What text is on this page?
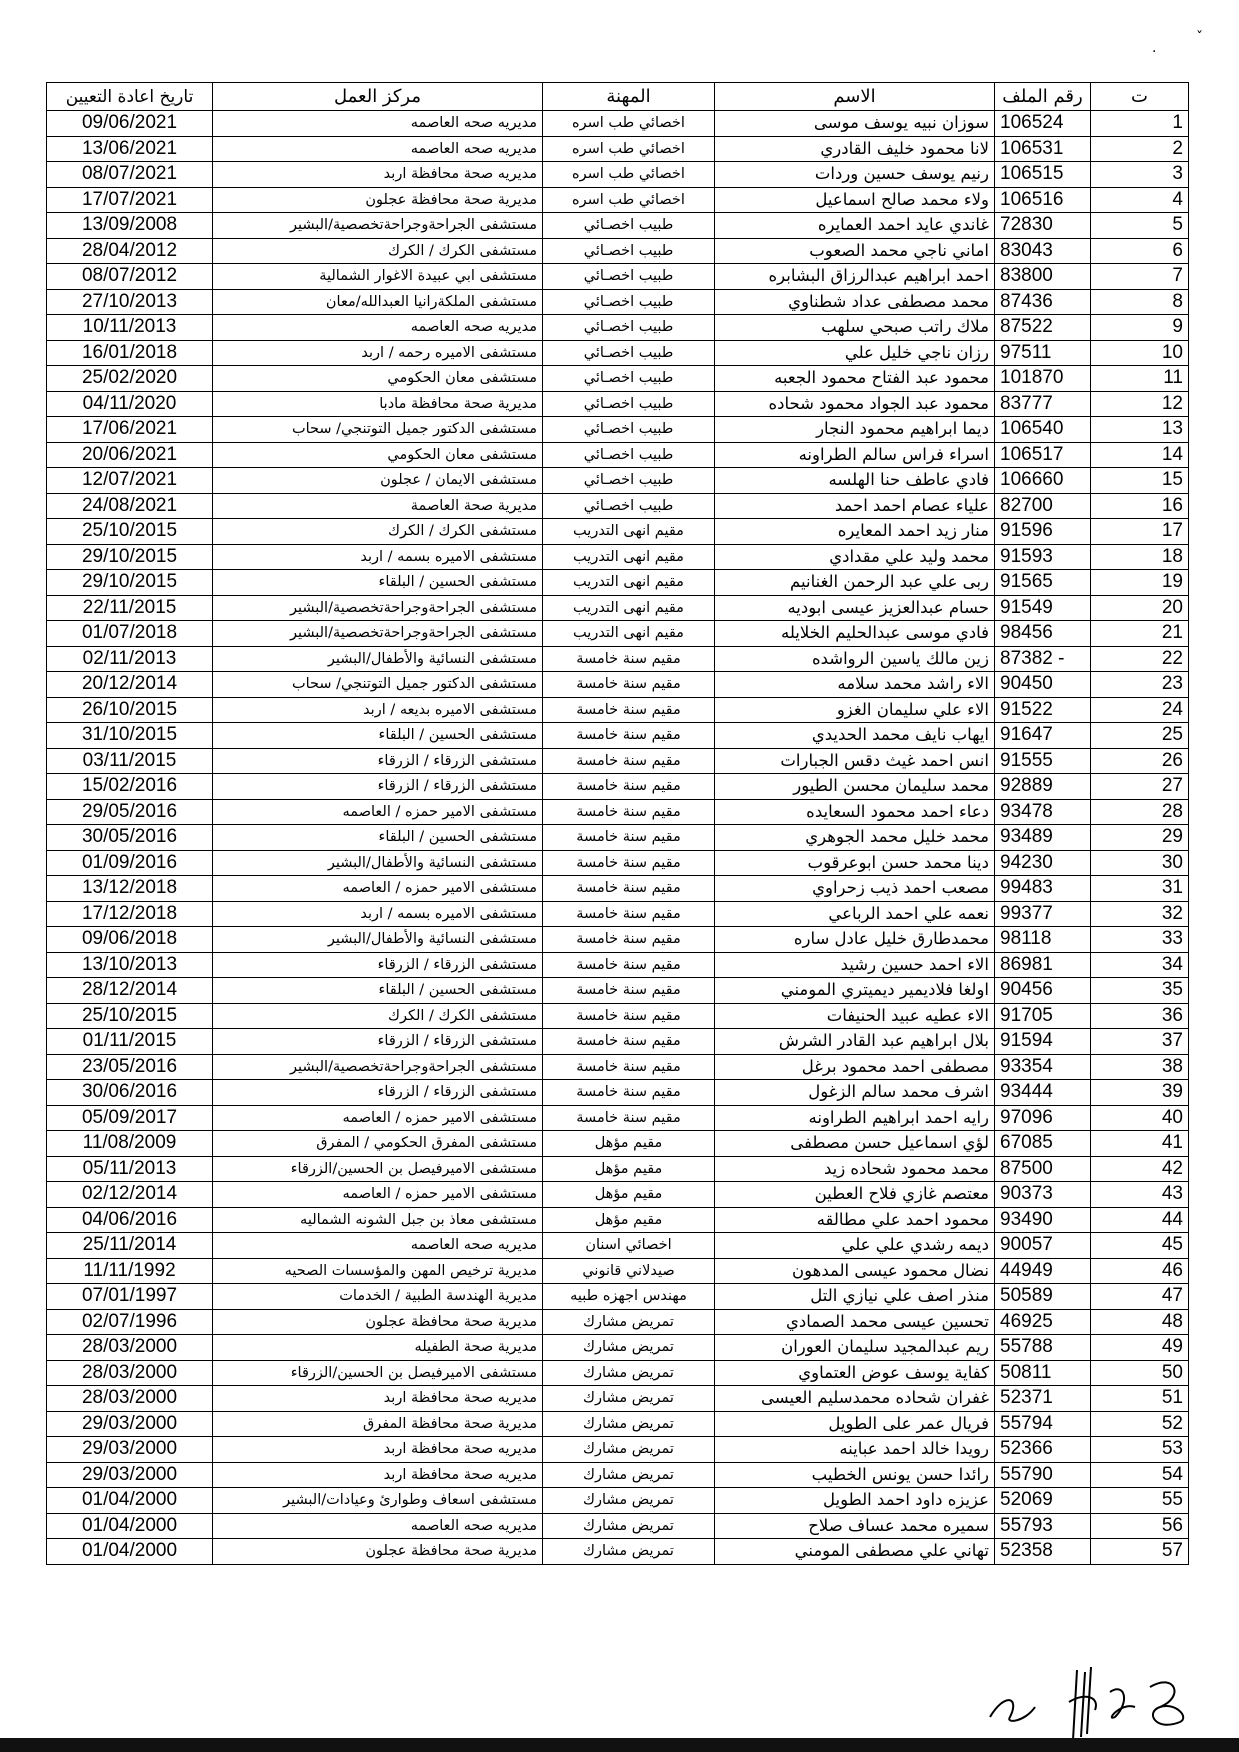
.
ˇ
تاريخ اعادة التعيين	مركز العمل	المهنة	الاسم	رقم الملف	ت
09/06/2021	مديريه صحه العاصمه	اخصائي طب اسره	سوزان نبيه يوسف موسى	106524	1
13/06/2021	مديريه صحه العاصمه	اخصائي طب اسره	لانا محمود خليف القادري	106531	2
08/07/2021	مديريه صحة محافظة اربد	اخصائي طب اسره	رنيم يوسف حسين وردات	106515	3
17/07/2021	مديرية صحة محافظة عجلون	اخصائي طب اسره	ولاء محمد صالح اسماعيل	106516	4
13/09/2008	مستشفى الجراحةوجراحةتخصصية/البشير	طبيب اخصـائي	غاندي عايد احمد العمايره	72830	5
28/04/2012	مستشفى الكرك / الكرك	طبيب اخصـائي	اماني ناجي محمد الصعوب	83043	6
08/07/2012	مستشفى ابي عبيدة الاغوار الشمالية	طبيب اخصـائي	احمد ابراهيم عبدالرزاق البشابره	83800	7
27/10/2013	مستشفى الملكةرانيا العبدالله/معان	طبيب اخصـائي	محمد مصطفى عداد شطناوي	87436	8
10/11/2013	مديريه صحه العاصمه	طبيب اخصـائي	ملاك راتب صبحي سلهب	87522	9
16/01/2018	مستشفى الاميره رحمه / اربد	طبيب اخصـائي	رزان ناجي خليل علي	97511	10
25/02/2020	مستشفى معان الحكومي	طبيب اخصـائي	محمود عبد الفتاح محمود الجعبه	101870	11
04/11/2020	مديرية صحة محافظة مادبا	طبيب اخصـائي	محمود عبد الجواد محمود شحاده	83777	12
17/06/2021	مستشفى الدكتور جميل التوتنجي/ سحاب	طبيب اخصـائي	ديما ابراهيم محمود النجار	106540	13
20/06/2021	مستشفى معان الحكومي	طبيب اخصـائي	اسراء فراس سالم الطراونه	106517	14
12/07/2021	مستشفى الايمان / عجلون	طبيب اخصـائي	فادي عاطف حنا الهلسه	106660	15
24/08/2021	مديرية صحة العاصمة	طبيب اخصـائي	علياء عصام احمد احمد	82700	16
25/10/2015	مستشفى الكرك / الكرك	مقيم انهى التدريب	منار زيد احمد المعايره	91596	17
29/10/2015	مستشفى الاميره بسمه / اربد	مقيم انهى التدريب	محمد وليد علي مقدادي	91593	18
29/10/2015	مستشفى الحسين / البلقاء	مقيم انهى التدريب	ربى علي عبد الرحمن الغنانيم	91565	19
22/11/2015	مستشفى الجراحةوجراحةتخصصية/البشير	مقيم انهى التدريب	حسام عبدالعزيز عيسى ابوديه	91549	20
01/07/2018	مستشفى الجراحةوجراحةتخصصية/البشير	مقيم انهى التدريب	فادي موسى عبدالحليم الخلايله	98456	21
02/11/2013	مستشفى النسائية والأطفال/البشير	مقيم سنة خامسة	زين مالك ياسين الرواشده	87382 -	22
20/12/2014	مستشفى الدكتور جميل التوتنجي/ سحاب	مقيم سنة خامسة	الاء راشد محمد سلامه	90450	23
26/10/2015	مستشفى الاميره بديعه / اربد	مقيم سنة خامسة	الاء علي سليمان الغزو	91522	24
31/10/2015	مستشفى الحسين / البلقاء	مقيم سنة خامسة	ايهاب نايف محمد الحديدي	91647	25
03/11/2015	مستشفى الزرقاء / الزرقاء	مقيم سنة خامسة	انس احمد غيث دقس الجبارات	91555	26
15/02/2016	مستشفى الزرقاء / الزرقاء	مقيم سنة خامسة	محمد سليمان محسن الطيور	92889	27
29/05/2016	مستشفى الامير حمزه / العاصمه	مقيم سنة خامسة	دعاء احمد محمود السعايده	93478	28
30/05/2016	مستشفى الحسين / البلقاء	مقيم سنة خامسة	محمد خليل محمد الجوهري	93489	29
01/09/2016	مستشفى النسائية والأطفال/البشير	مقيم سنة خامسة	دينا محمد حسن ابوعرقوب	94230	30
13/12/2018	مستشفى الامير حمزه / العاصمه	مقيم سنة خامسة	مصعب احمد ذيب زحراوي	99483	31
17/12/2018	مستشفى الاميره بسمه / اربد	مقيم سنة خامسة	نعمه علي احمد الرباعي	99377	32
09/06/2018	مستشفى النسائية والأطفال/البشير	مقيم سنة خامسة	محمدطارق خليل عادل ساره	98118	33
13/10/2013	مستشفى الزرقاء / الزرقاء	مقيم سنة خامسة	الاء احمد حسين رشيد	86981	34
28/12/2014	مستشفى الحسين / البلقاء	مقيم سنة خامسة	اولغا فلاديمير ديميتري المومني	90456	35
25/10/2015	مستشفى الكرك / الكرك	مقيم سنة خامسة	الاء عطيه عبيد الحنيفات	91705	36
01/11/2015	مستشفى الزرقاء / الزرقاء	مقيم سنة خامسة	بلال ابراهيم عبد القادر الشرش	91594	37
23/05/2016	مستشفى الجراحةوجراحةتخصصية/البشير	مقيم سنة خامسة	مصطفى احمد محمود برغل	93354	38
30/06/2016	مستشفى الزرقاء / الزرقاء	مقيم سنة خامسة	اشرف محمد سالم الزغول	93444	39
05/09/2017	مستشفى الامير حمزه / العاصمه	مقيم سنة خامسة	رايه احمد ابراهيم الطراونه	97096	40
11/08/2009	مستشفى المفرق الحكومي / المفرق	مقيم مؤهل	لؤي اسماعيل حسن مصطفى	67085	41
05/11/2013	مستشفى الاميرفيصل بن الحسين/الزرقاء	مقيم مؤهل	محمد محمود شحاده زيد	87500	42
02/12/2014	مستشفى الامير حمزه / العاصمه	مقيم مؤهل	معتصم غازي فلاح العطين	90373	43
04/06/2016	مستشفى معاذ بن جبل الشونه الشماليه	مقيم مؤهل	محمود احمد علي مطالقه	93490	44
25/11/2014	مديريه صحه العاصمه	اخصائي اسنان	ديمه رشدي علي علي	90057	45
11/11/1992	مديرية ترخيص المهن والمؤسسات الصحيه	صيدلاني قانوني	نضال محمود عيسى المدهون	44949	46
07/01/1997	مديرية الهندسة الطبية / الخدمات	مهندس اجهزه طبيه	منذر اصف علي نيازي التل	50589	47
02/07/1996	مديرية صحة محافظة عجلون	تمريض مشارك	تحسين عيسى محمد الصمادي	46925	48
28/03/2000	مديرية صحة الطفيله	تمريض مشارك	ريم عبدالمجيد سليمان العوران	55788	49
28/03/2000	مستشفى الاميرفيصل بن الحسين/الزرقاء	تمريض مشارك	كفاية يوسف عوض العتماوي	50811	50
28/03/2000	مديريه صحة محافظة اربد	تمريض مشارك	غفران شحاده محمدسليم العيسى	52371	51
29/03/2000	مديرية صحة محافظة المفرق	تمريض مشارك	فريال عمر على الطويل	55794	52
29/03/2000	مديريه صحة محافظة اربد	تمريض مشارك	رويدا خالد احمد عباينه	52366	53
29/03/2000	مديريه صحة محافظة اربد	تمريض مشارك	رائدا حسن يونس الخطيب	55790	54
01/04/2000	مستشفى اسعاف وطوارئ وعيادات/البشير	تمريض مشارك	عزيزه داود احمد الطويل	52069	55
01/04/2000	مديريه صحه العاصمه	تمريض مشارك	سميره محمد عساف صلاح	55793	56
01/04/2000	مديرية صحة محافظة عجلون	تمريض مشارك	تهاني علي مصطفى المومني	52358	57
